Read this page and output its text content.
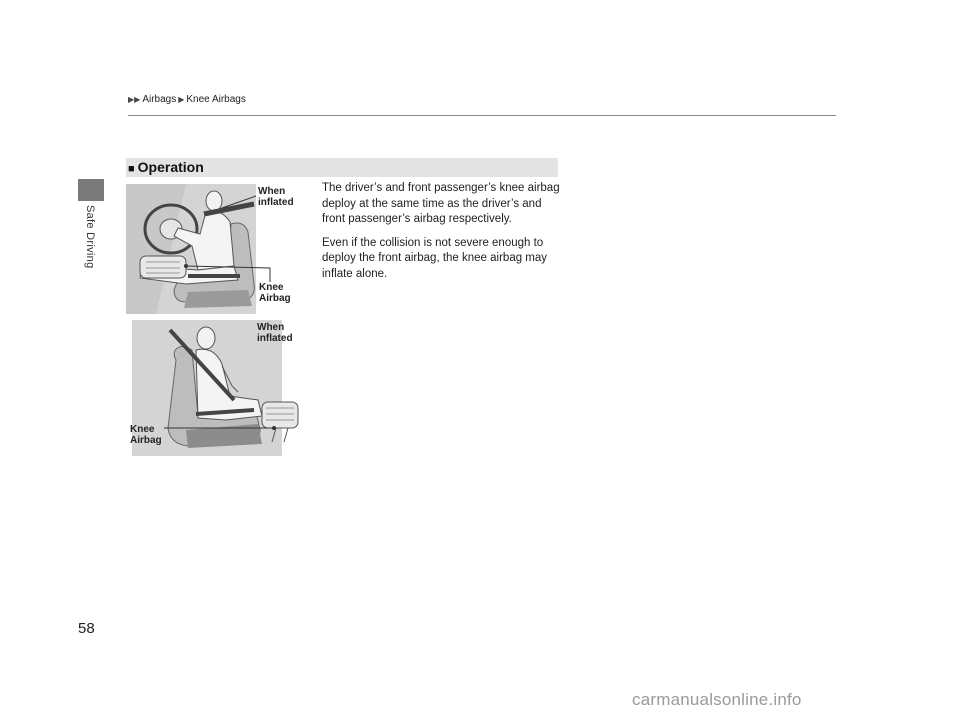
Safe Driving
▶▶ Airbags ▶ Knee Airbags
■ Operation

The driver’s and front passenger’s knee airbag deploy at the same time as the driver’s and front passenger’s airbag respectively.

Even if the collision is not severe enough to deploy the front airbag, the knee airbag may inflate alone.

When
inflated
Knee
Airbag
When
inflated
Knee
Airbag
58
carmanualsonline.info
